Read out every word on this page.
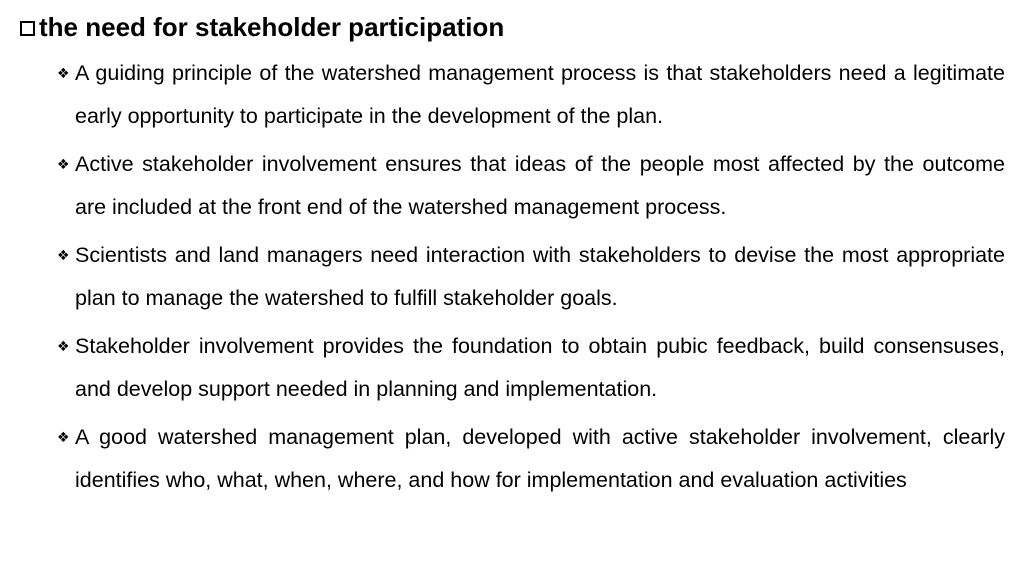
the need for stakeholder participation
❖ A guiding principle of the watershed management process is that stakeholders need a legitimate early opportunity to participate in the development of the plan.
❖ Active stakeholder involvement ensures that ideas of the people most affected by the outcome are included at the front end of the watershed management process.
❖ Scientists and land managers need interaction with stakeholders to devise the most appropriate plan to manage the watershed to fulfill stakeholder goals.
❖ Stakeholder involvement provides the foundation to obtain pubic feedback, build consensuses, and develop support needed in planning and implementation.
❖ A good watershed management plan, developed with active stakeholder involvement, clearly identifies who, what, when, where, and how for implementation and evaluation activities
